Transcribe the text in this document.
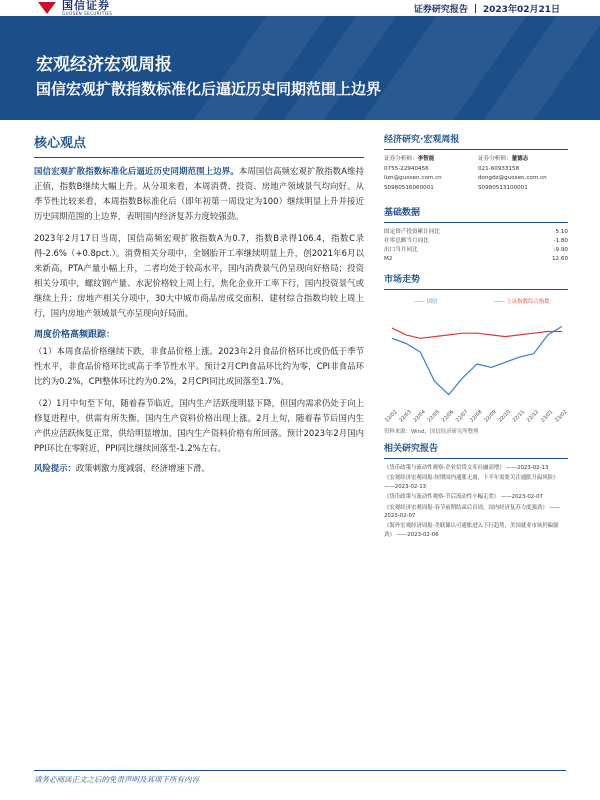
国信证券
GUOSEN SECURITIES	证券研究报告 2023年02月21日
宏观经济宏观周报
国信宏观扩散指数标准化后逼近历史同期范围上边界
核心观点

国信宏观扩散指数标准化后逼近历史同期范围上边界。本周国信高频宏观扩散指数A维持正值，指数B继续大幅上升。从分项来看，本周消费、投资、房地产领域景气均向好。从季节性比较来看，本周指数B标准化后（即年初第一周设定为100）继续明显上升并接近历史同期范围的上边界，表明国内经济复苏力度较强劲。

2023年2月17日当周，国信高频宏观扩散指数A为0.7，指数B录得106.4，指数C录得-2.6%（+0.8pct.）。消费相关分项中，全钢胎开工率继续明显上升，创2021年6月以来新高，PTA产量小幅上升，二者均处于较高水平，国内消费景气仍呈现向好格局；投资相关分项中，螺纹钢产量、水泥价格较上周上行，焦化企业开工率下行，国内投资景气或继续上升；房地产相关分项中，30大中城市商品房成交面积、建材综合指数均较上周上行，国内房地产领域景气亦呈现向好局面。

周度价格高频跟踪：

（1）本周食品价格继续下跌，非食品价格上涨。2023年2月食品价格环比或仍低于季节性水平，非食品价格环比或高于季节性水平。预计2月CPI食品环比约为零，CPI非食品环比约为0.2%，CPI整体环比约为0.2%，2月CPI同比或回落至1.7%。

（2）1月中旬至下旬，随着春节临近，国内生产活跃度明显下降，但国内需求仍处于向上修复进程中，供需有所失衡，国内生产资料价格出现上涨。2月上旬，随着春节后国内生产供应活跃恢复正常，供给明显增加，国内生产资料价格有所回落。预计2023年2月国内PPI环比在零附近，PPI同比继续回落至-1.2%左右。

风险提示：政策刺激力度减弱，经济增速下滑。

经济研究·宏观周报
证券分析师：李智能
0755-22940456
lizn@guosen.com.cn
S0980516060001
证券分析师：董德志
021-60933158
dongdz@guosen.com.cn
S0980513100001
基础数据
固定资产投资累计同比	5.10
社零总额当月同比	-1.80
出口当月同比	-9.90
M2	12.60
市场走势
—— 国信	—— 上证指数综合指数
22/02 22/03 22/04 22/05 22/06 22/07 22/08 22/09 22/10 22/11 22/12 23/01 23/02
资料来源：Wind、国信经济研究所整理
相关研究报告
《货币政策与流动性观察-企业信贷文库社融高增》 ——2023-02-13
《宏观经济宏观周报-短期国内通胀无虞，下半年需要关注通胀升温风险》 ——2023-02-13
《货币政策与流动性观察-节后流动性小幅走宽》 ——2023-02-07
《宏观经济宏观周报-春节前期结束后首周，国内经济复苏力度强劲》 ——2023-02-07
《海外宏观经济周报-美联储认可通胀进入下行趋势，美国就业市场仍偏强劲》 ——2023-02-06
请务必阅读正文之后的免责声明及其项下所有内容
